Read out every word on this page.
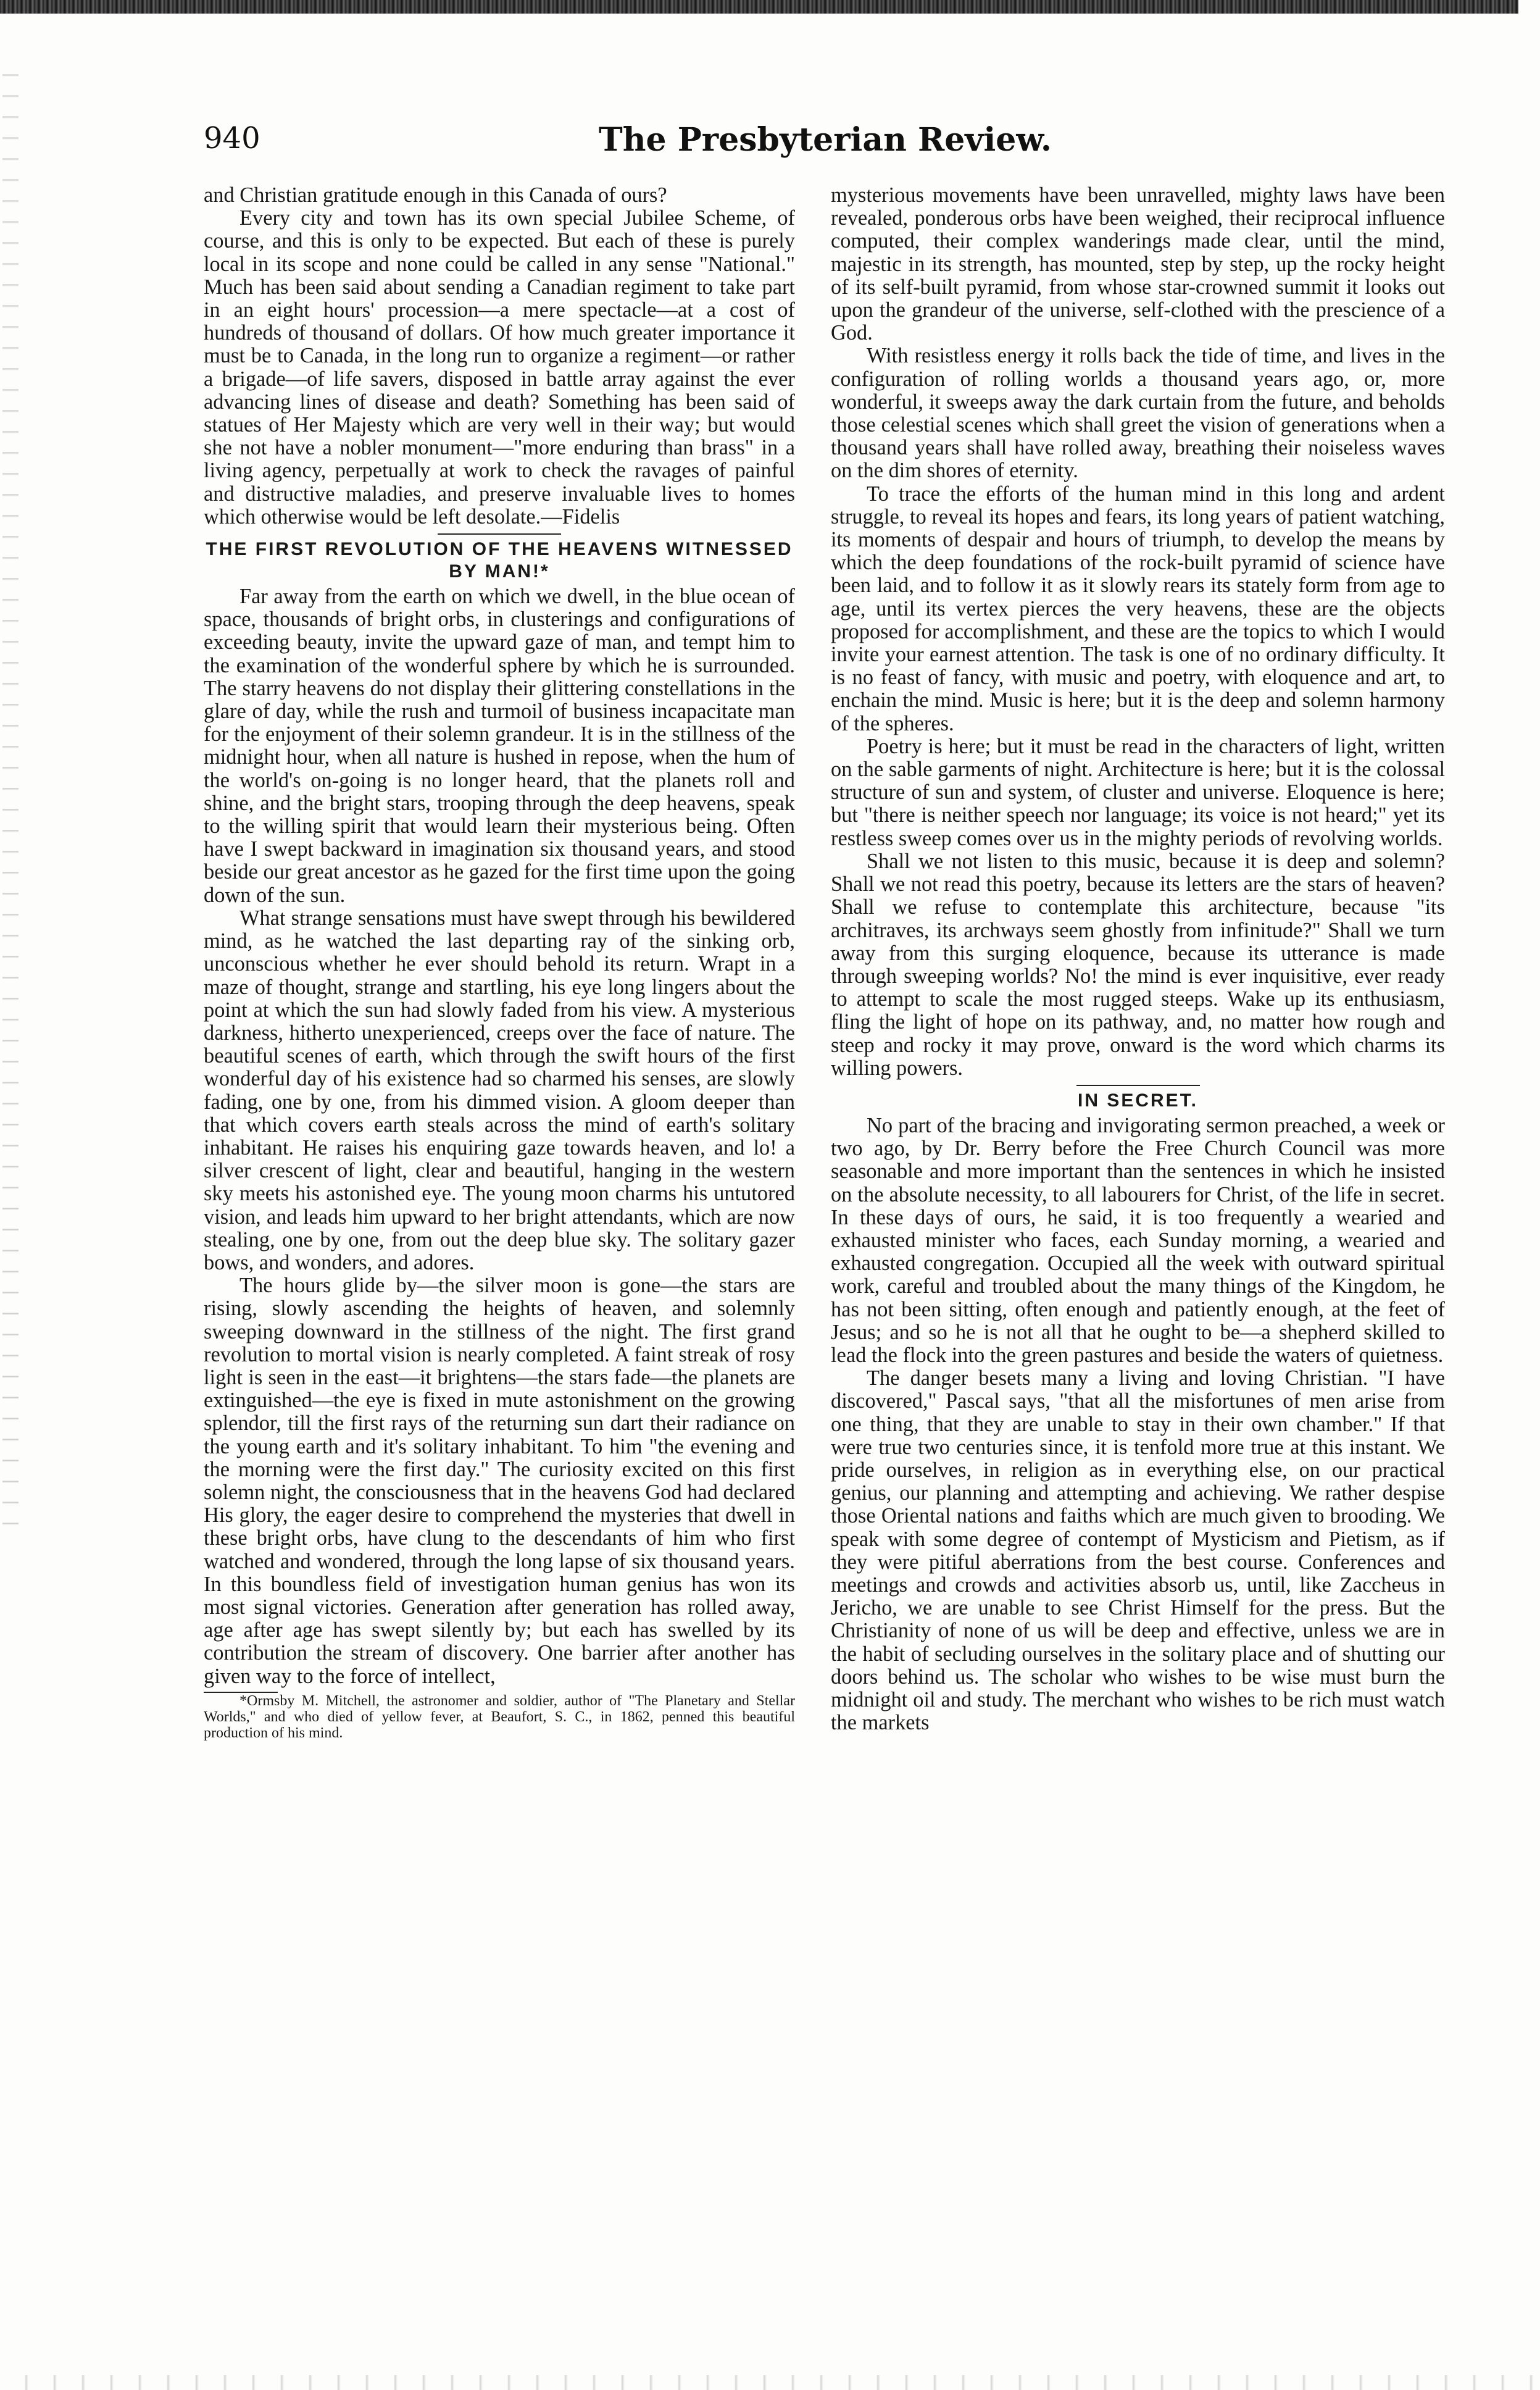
940	The Presbyterian Review.

and Christian gratitude enough in this Canada of ours?

Every city and town has its own special Jubilee Scheme, of course, and this is only to be expected. But each of these is purely local in its scope and none could be called in any sense "National." Much has been said about sending a Canadian regiment to take part in an eight hours' procession—a mere spectacle—at a cost of hundreds of thousand of dollars. Of how much greater importance it must be to Canada, in the long run to organize a regiment—or rather a brigade—of life savers, disposed in battle array against the ever advancing lines of disease and death? Something has been said of statues of Her Majesty which are very well in their way; but would she not have a nobler monument—"more enduring than brass" in a living agency, perpetually at work to check the ravages of painful and distructive maladies, and preserve invaluable lives to homes which otherwise would be left desolate.—Fidelis

THE FIRST REVOLUTION OF THE HEAVENS WITNESSED BY MAN!*

Far away from the earth on which we dwell, in the blue ocean of space, thousands of bright orbs, in clusterings and configurations of exceeding beauty, invite the upward gaze of man, and tempt him to the examination of the wonderful sphere by which he is surrounded. The starry heavens do not display their glittering constellations in the glare of day, while the rush and turmoil of business incapacitate man for the enjoyment of their solemn grandeur. It is in the stillness of the midnight hour, when all nature is hushed in repose, when the hum of the world's on-going is no longer heard, that the planets roll and shine, and the bright stars, trooping through the deep heavens, speak to the willing spirit that would learn their mysterious being. Often have I swept backward in imagination six thousand years, and stood beside our great ancestor as he gazed for the first time upon the going down of the sun.

What strange sensations must have swept through his bewildered mind, as he watched the last departing ray of the sinking orb, unconscious whether he ever should behold its return. Wrapt in a maze of thought, strange and startling, his eye long lingers about the point at which the sun had slowly faded from his view. A mysterious darkness, hitherto unexperienced, creeps over the face of nature. The beautiful scenes of earth, which through the swift hours of the first wonderful day of his existence had so charmed his senses, are slowly fading, one by one, from his dimmed vision. A gloom deeper than that which covers earth steals across the mind of earth's solitary inhabitant. He raises his enquiring gaze towards heaven, and lo! a silver crescent of light, clear and beautiful, hanging in the western sky meets his astonished eye. The young moon charms his untutored vision, and leads him upward to her bright attendants, which are now stealing, one by one, from out the deep blue sky. The solitary gazer bows, and wonders, and adores.

The hours glide by—the silver moon is gone—the stars are rising, slowly ascending the heights of heaven, and solemnly sweeping downward in the stillness of the night. The first grand revolution to mortal vision is nearly completed. A faint streak of rosy light is seen in the east—it brightens—the stars fade—the planets are extinguished—the eye is fixed in mute astonishment on the growing splendor, till the first rays of the returning sun dart their radiance on the young earth and it's solitary inhabitant. To him "the evening and the morning were the first day." The curiosity excited on this first solemn night, the consciousness that in the heavens God had declared His glory, the eager desire to comprehend the mysteries that dwell in these bright orbs, have clung to the descendants of him who first watched and wondered, through the long lapse of six thousand years. In this boundless field of investigation human genius has won its most signal victories. Generation after generation has rolled away, age after age has swept silently by; but each has swelled by its contribution the stream of discovery. One barrier after another has given way to the force of intellect,

*Ormsby M. Mitchell, the astronomer and soldier, author of "The Planetary and Stellar Worlds," and who died of yellow fever, at Beaufort, S. C., in 1862, penned this beautiful production of his mind.

mysterious movements have been unravelled, mighty laws have been revealed, ponderous orbs have been weighed, their reciprocal influence computed, their complex wanderings made clear, until the mind, majestic in its strength, has mounted, step by step, up the rocky height of its self-built pyramid, from whose star-crowned summit it looks out upon the grandeur of the universe, self-clothed with the prescience of a God.

With resistless energy it rolls back the tide of time, and lives in the configuration of rolling worlds a thousand years ago, or, more wonderful, it sweeps away the dark curtain from the future, and beholds those celestial scenes which shall greet the vision of generations when a thousand years shall have rolled away, breathing their noiseless waves on the dim shores of eternity.

To trace the efforts of the human mind in this long and ardent struggle, to reveal its hopes and fears, its long years of patient watching, its moments of despair and hours of triumph, to develop the means by which the deep foundations of the rock-built pyramid of science have been laid, and to follow it as it slowly rears its stately form from age to age, until its vertex pierces the very heavens, these are the objects proposed for accomplishment, and these are the topics to which I would invite your earnest attention. The task is one of no ordinary difficulty. It is no feast of fancy, with music and poetry, with eloquence and art, to enchain the mind. Music is here; but it is the deep and solemn harmony of the spheres.

Poetry is here; but it must be read in the characters of light, written on the sable garments of night. Architecture is here; but it is the colossal structure of sun and system, of cluster and universe. Eloquence is here; but "there is neither speech nor language; its voice is not heard;" yet its restless sweep comes over us in the mighty periods of revolving worlds.

Shall we not listen to this music, because it is deep and solemn? Shall we not read this poetry, because its letters are the stars of heaven? Shall we refuse to contemplate this architecture, because "its architraves, its archways seem ghostly from infinitude?" Shall we turn away from this surging eloquence, because its utterance is made through sweeping worlds? No! the mind is ever inquisitive, ever ready to attempt to scale the most rugged steeps. Wake up its enthusiasm, fling the light of hope on its pathway, and, no matter how rough and steep and rocky it may prove, onward is the word which charms its willing powers.

IN SECRET.

No part of the bracing and invigorating sermon preached, a week or two ago, by Dr. Berry before the Free Church Council was more seasonable and more important than the sentences in which he insisted on the absolute necessity, to all labourers for Christ, of the life in secret. In these days of ours, he said, it is too frequently a wearied and exhausted minister who faces, each Sunday morning, a wearied and exhausted congregation. Occupied all the week with outward spiritual work, careful and troubled about the many things of the Kingdom, he has not been sitting, often enough and patiently enough, at the feet of Jesus; and so he is not all that he ought to be—a shepherd skilled to lead the flock into the green pastures and beside the waters of quietness.

The danger besets many a living and loving Christian. "I have discovered," Pascal says, "that all the misfortunes of men arise from one thing, that they are unable to stay in their own chamber." If that were true two centuries since, it is tenfold more true at this instant. We pride ourselves, in religion as in everything else, on our practical genius, our planning and attempting and achieving. We rather despise those Oriental nations and faiths which are much given to brooding. We speak with some degree of contempt of Mysticism and Pietism, as if they were pitiful aberrations from the best course. Conferences and meetings and crowds and activities absorb us, until, like Zaccheus in Jericho, we are unable to see Christ Himself for the press. But the Christianity of none of us will be deep and effective, unless we are in the habit of secluding ourselves in the solitary place and of shutting our doors behind us. The scholar who wishes to be wise must burn the midnight oil and study. The merchant who wishes to be rich must watch the markets
